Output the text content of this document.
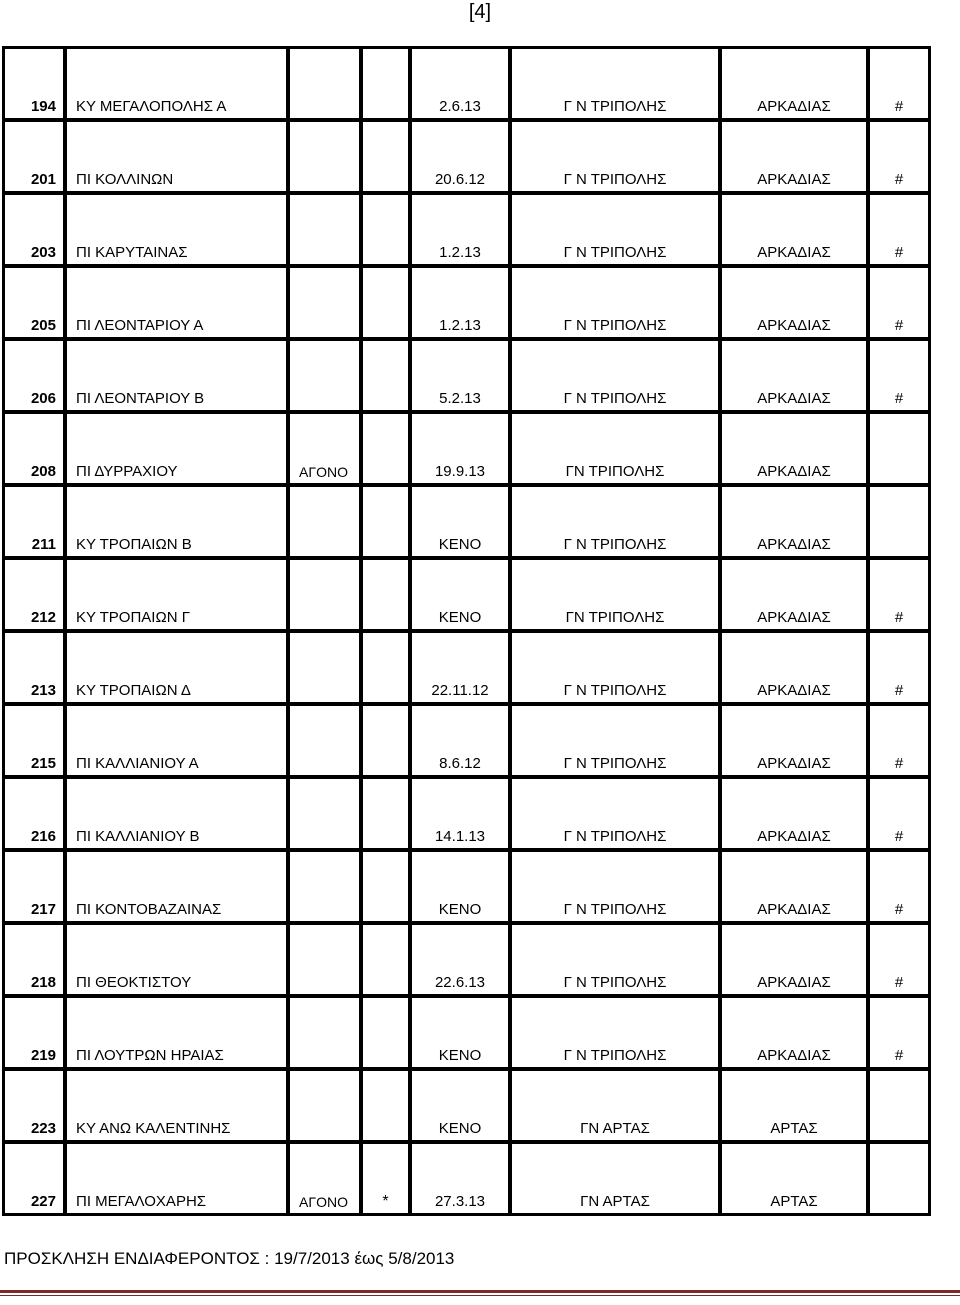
[4]
194	ΚΥ ΜΕΓΑΛΟΠΟΛΗΣ Α			2.6.13	Γ Ν ΤΡΙΠΟΛΗΣ	ΑΡΚΑΔΙΑΣ	#
201	ΠΙ ΚΟΛΛΙΝΩΝ			20.6.12	Γ Ν ΤΡΙΠΟΛΗΣ	ΑΡΚΑΔΙΑΣ	#
203	ΠΙ ΚΑΡΥΤΑΙΝΑΣ			1.2.13	Γ Ν ΤΡΙΠΟΛΗΣ	ΑΡΚΑΔΙΑΣ	#
205	ΠΙ ΛΕΟΝΤΑΡΙΟΥ Α			1.2.13	Γ Ν ΤΡΙΠΟΛΗΣ	ΑΡΚΑΔΙΑΣ	#
206	ΠΙ ΛΕΟΝΤΑΡΙΟΥ Β			5.2.13	Γ Ν ΤΡΙΠΟΛΗΣ	ΑΡΚΑΔΙΑΣ	#
208	ΠΙ ΔΥΡΡΑΧΙΟΥ	ΑΓΟΝΟ		19.9.13	ΓΝ ΤΡΙΠΟΛΗΣ	ΑΡΚΑΔΙΑΣ	
211	ΚΥ ΤΡΟΠΑΙΩΝ Β			ΚΕΝΟ	Γ Ν ΤΡΙΠΟΛΗΣ	ΑΡΚΑΔΙΑΣ	
212	ΚΥ ΤΡΟΠΑΙΩΝ Γ			ΚΕΝΟ	ΓΝ ΤΡΙΠΟΛΗΣ	ΑΡΚΑΔΙΑΣ	#
213	ΚΥ ΤΡΟΠΑΙΩΝ Δ			22.11.12	Γ Ν ΤΡΙΠΟΛΗΣ	ΑΡΚΑΔΙΑΣ	#
215	ΠΙ ΚΑΛΛΙΑΝΙΟΥ Α			8.6.12	Γ Ν ΤΡΙΠΟΛΗΣ	ΑΡΚΑΔΙΑΣ	#
216	ΠΙ ΚΑΛΛΙΑΝΙΟΥ Β			14.1.13	Γ Ν ΤΡΙΠΟΛΗΣ	ΑΡΚΑΔΙΑΣ	#
217	ΠΙ ΚΟΝΤΟΒΑΖΑΙΝΑΣ			ΚΕΝΟ	Γ Ν ΤΡΙΠΟΛΗΣ	ΑΡΚΑΔΙΑΣ	#
218	ΠΙ ΘΕΟΚΤΙΣΤΟΥ			22.6.13	Γ Ν ΤΡΙΠΟΛΗΣ	ΑΡΚΑΔΙΑΣ	#
219	ΠΙ ΛΟΥΤΡΩΝ ΗΡΑΙΑΣ			ΚΕΝΟ	Γ Ν ΤΡΙΠΟΛΗΣ	ΑΡΚΑΔΙΑΣ	#
223	ΚΥ ΑΝΩ ΚΑΛΕΝΤΙΝΗΣ			ΚΕΝΟ	ΓΝ ΑΡΤΑΣ	ΑΡΤΑΣ	
227	ΠΙ ΜΕΓΑΛΟΧΑΡΗΣ	ΑΓΟΝΟ	*	27.3.13	ΓΝ ΑΡΤΑΣ	ΑΡΤΑΣ	
ΠΡΟΣΚΛΗΣΗ ΕΝΔΙΑΦΕΡΟΝΤΟΣ : 19/7/2013 έως 5/8/2013
